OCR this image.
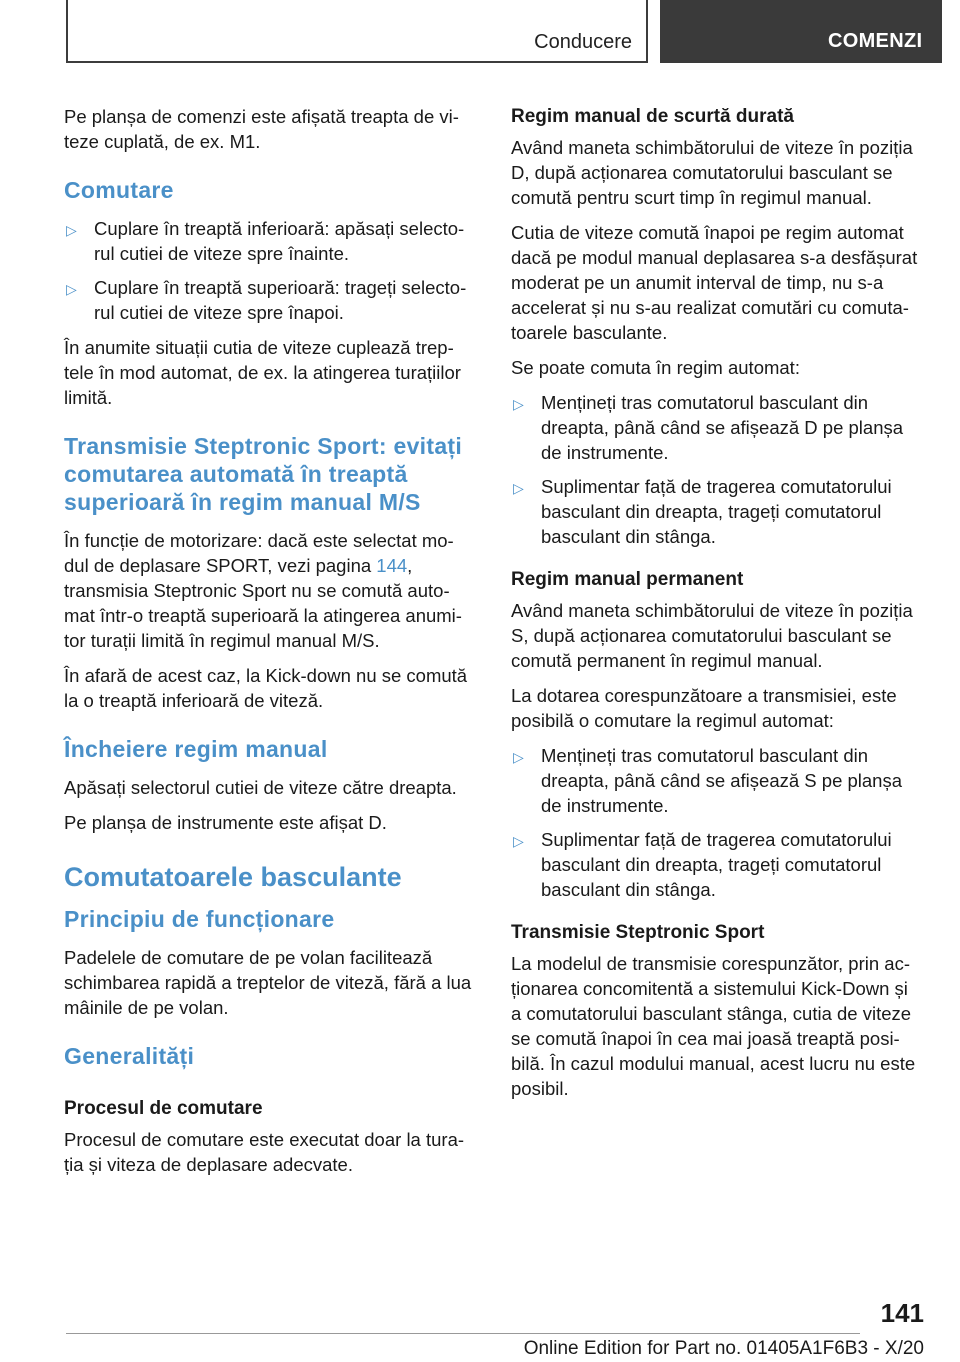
Conducere	COMENZI

Pe planșa de comenzi este afișată treapta de vi-teze cuplată, de ex. M1.

Comutare
▷ Cuplare în treaptă inferioară: apăsați selecto-rul cutiei de viteze spre înainte.
▷ Cuplare în treaptă superioară: trageți selecto-rul cutiei de viteze spre înapoi.

În anumite situații cutia de viteze cuplează trep-tele în mod automat, de ex. la atingerea turațiilor limită.

Transmisie Steptronic Sport: evitați comutarea automată în treaptă superioară în regim manual M/S

În funcție de motorizare: dacă este selectat mo-dul de deplasare SPORT, vezi pagina 144, transmisia Steptronic Sport nu se comută auto-mat într-o treaptă superioară la atingerea anumi-tor turații limită în regimul manual M/S.

În afară de acest caz, la Kick-down nu se comută la o treaptă inferioară de viteză.

Încheiere regim manual

Apăsați selectorul cutiei de viteze către dreapta.

Pe planșa de instrumente este afișat D.

Comutatoarele basculante
Principiu de funcționare

Padelele de comutare de pe volan facilitează schimbarea rapidă a treptelor de viteză, fără a lua mâinile de pe volan.

Generalități
Procesul de comutare

Procesul de comutare este executat doar la tura-ția și viteza de deplasare adecvate.

Regim manual de scurtă durată

Având maneta schimbătorului de viteze în poziția D, după acționarea comutatorului basculant se comută pentru scurt timp în regimul manual.

Cutia de viteze comută înapoi pe regim automat dacă pe modul manual deplasarea s-a desfășurat moderat pe un anumit interval de timp, nu s-a accelerat și nu s-au realizat comutări cu comuta-toarele basculante.

Se poate comuta în regim automat:

▷ Mențineți tras comutatorul basculant din dreapta, până când se afișează D pe planșa de instrumente.
▷ Suplimentar față de tragerea comutatorului basculant din dreapta, trageți comutatorul basculant din stânga.
Regim manual permanent

Având maneta schimbătorului de viteze în poziția S, după acționarea comutatorului basculant se comută permanent în regimul manual.

La dotarea corespunzătoare a transmisiei, este posibilă o comutare la regimul automat:

▷ Mențineți tras comutatorul basculant din dreapta, până când se afișează S pe planșa de instrumente.
▷ Suplimentar față de tragerea comutatorului basculant din dreapta, trageți comutatorul basculant din stânga.
Transmisie Steptronic Sport

La modelul de transmisie corespunzător, prin ac-ționarea concomitentă a sistemului Kick-Down și a comutatorului basculant stânga, cutia de viteze se comută înapoi în cea mai joasă treaptă posi-bilă. În cazul modului manual, acest lucru nu este posibil.

141
Online Edition for Part no. 01405A1F6B3 - X/20
